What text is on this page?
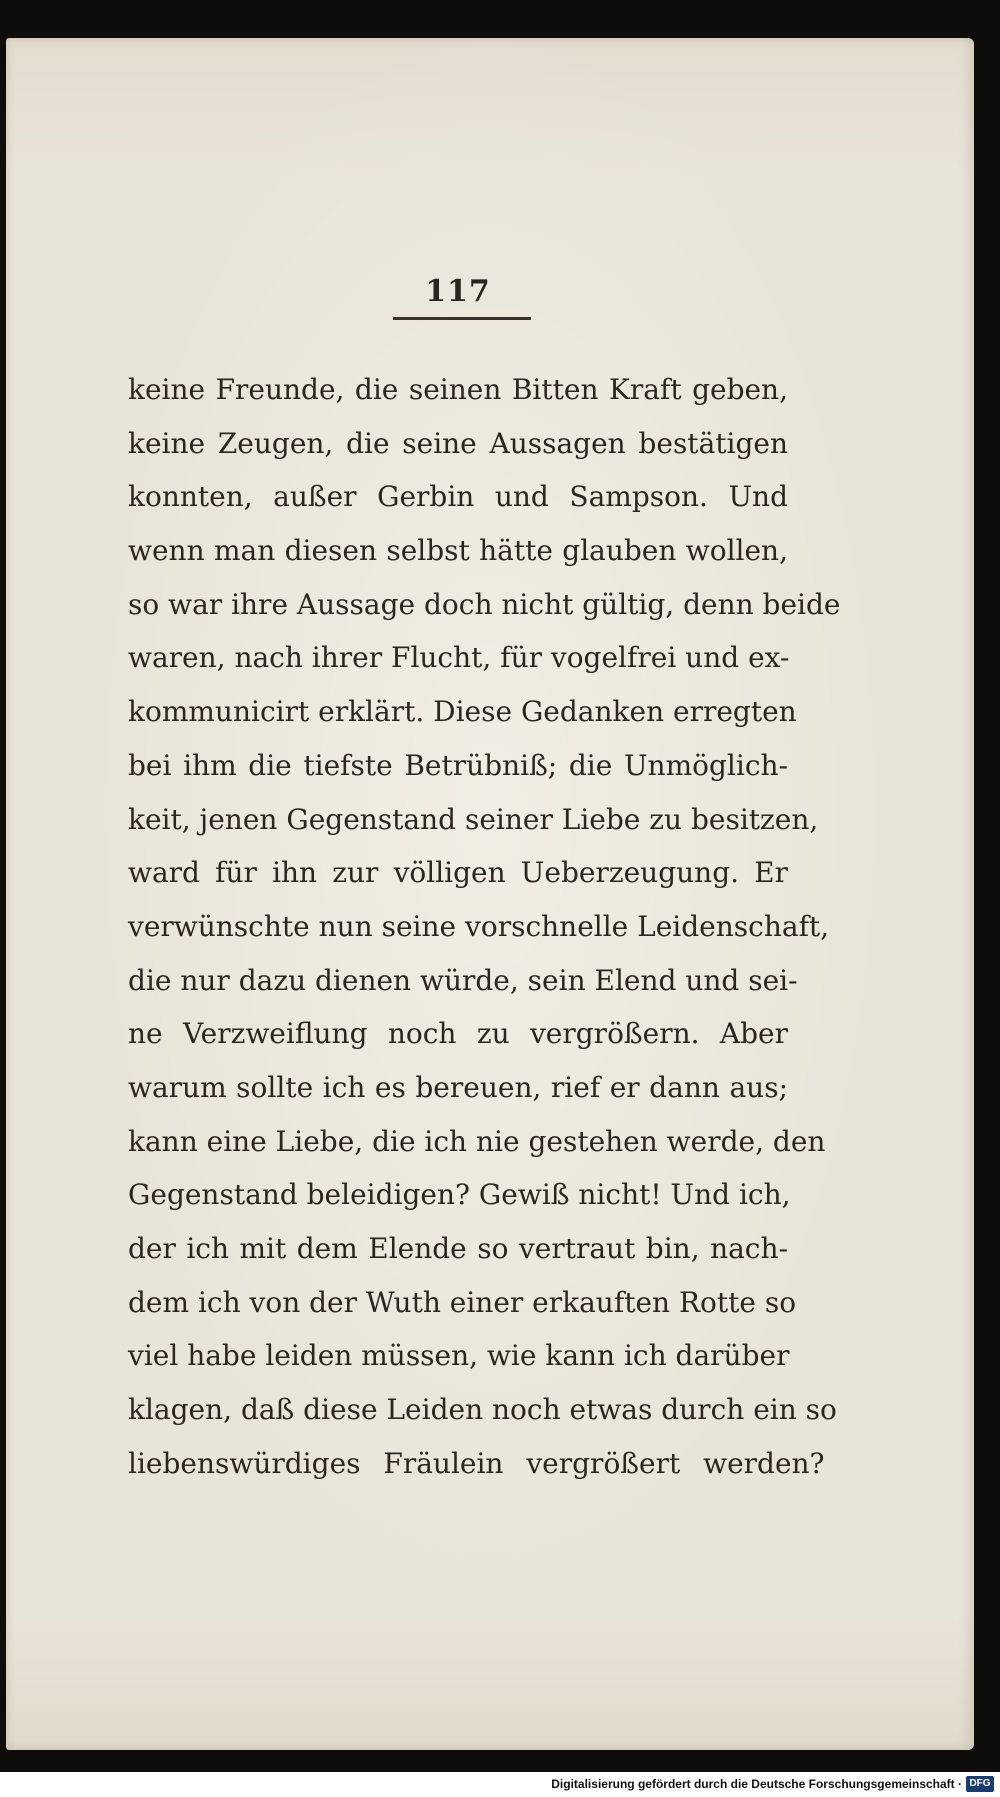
117
keine Freunde, die seinen Bitten Kraft geben,
keine Zeugen, die seine Aussagen bestätigen
konnten, außer Gerbin und Sampson. Und
wenn man diesen selbst hätte glauben wollen,
so war ihre Aussage doch nicht gültig, denn beide
waren, nach ihrer Flucht, für vogelfrei und ex-
kommunicirt erklärt. Diese Gedanken erregten
bei ihm die tiefste Betrübniß; die Unmöglich-
keit, jenen Gegenstand seiner Liebe zu besitzen,
ward für ihn zur völligen Ueberzeugung. Er
verwünschte nun seine vorschnelle Leidenschaft,
die nur dazu dienen würde, sein Elend und sei-
ne Verzweiflung noch zu vergrößern. Aber
warum sollte ich es bereuen, rief er dann aus;
kann eine Liebe, die ich nie gestehen werde, den
Gegenstand beleidigen? Gewiß nicht! Und ich,
der ich mit dem Elende so vertraut bin, nach-
dem ich von der Wuth einer erkauften Rotte so
viel habe leiden müssen, wie kann ich darüber
klagen, daß diese Leiden noch etwas durch ein so
liebenswürdiges Fräulein vergrößert werden?
Digitalisierung gefördert durch die Deutsche Forschungsgemeinschaft · DFG
